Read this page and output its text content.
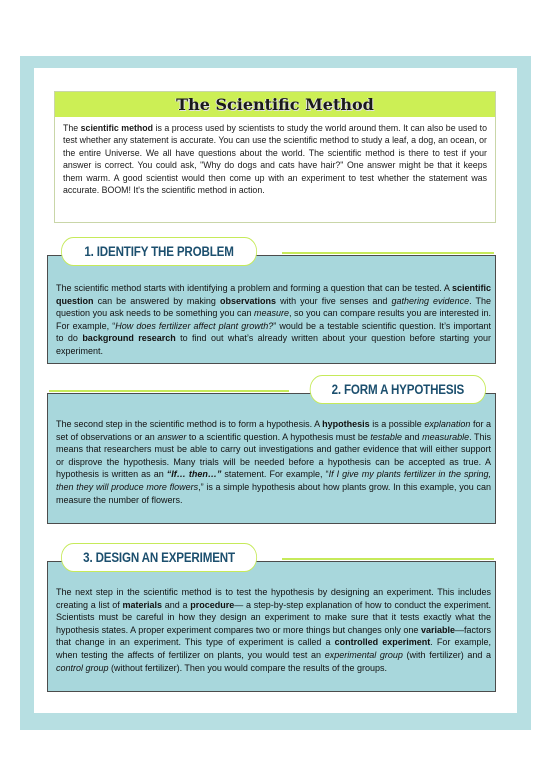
The Scientific Method
The scientific method is a process used by scientists to study the world around them. It can also be used to test whether any statement is accurate. You can use the scientific method to study a leaf, a dog, an ocean, or the entire Universe. We all have questions about the world. The scientific method is there to test if your answer is correct. You could ask, "Why do dogs and cats have hair?" One answer might be that it keeps them warm. A good scientist would then come up with an experiment to test whether the statement was accurate. BOOM! It's the scientific method in action.
The scientific method starts with identifying a problem and forming a question that can be tested. A scientific question can be answered by making observations with your five senses and gathering evidence. The question you ask needs to be something you can measure, so you can compare results you are interested in. For example, “How does fertilizer affect plant growth?” would be a testable scientific question. It’s important to do background research to find out what’s already written about your question before starting your experiment.
1. IDENTIFY THE PROBLEM
The second step in the scientific method is to form a hypothesis. A hypothesis is a possible explanation for a set of observations or an answer to a scientific question. A hypothesis must be testable and measurable. This means that researchers must be able to carry out investigations and gather evidence that will either support or disprove the hypothesis. Many trials will be needed before a hypothesis can be accepted as true. A hypothesis is written as an “If… then…” statement. For example, “If I give my plants fertilizer in the spring, then they will produce more flowers,” is a simple hypothesis about how plants grow. In this example, you can measure the number of flowers.
2. FORM A HYPOTHESIS
The next step in the scientific method is to test the hypothesis by designing an experiment. This includes creating a list of materials and a procedure— a step-by-step explanation of how to conduct the experiment. Scientists must be careful in how they design an experiment to make sure that it tests exactly what the hypothesis states. A proper experiment compares two or more things but changes only one variable—factors that change in an experiment. This type of experiment is called a controlled experiment. For example, when testing the affects of fertilizer on plants, you would test an experimental group (with fertilizer) and a control group (without fertilizer). Then you would compare the results of the groups.
3. DESIGN AN EXPERIMENT
